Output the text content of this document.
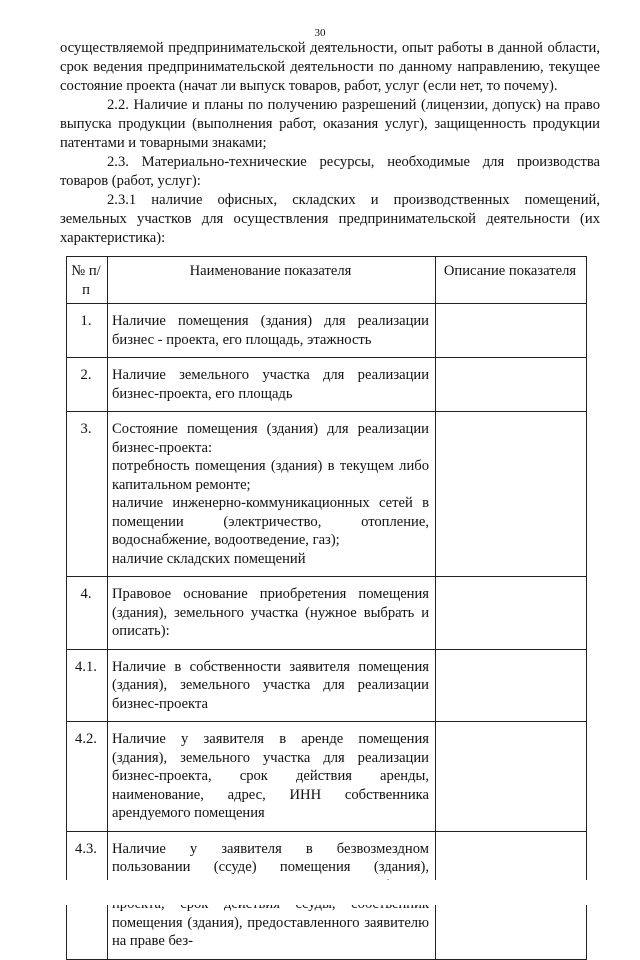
30

осуществляемой предпринимательской деятельности, опыт работы в данной области, срок ведения предпринимательской деятельности по данному направлению, текущее состояние проекта (начат ли выпуск товаров, работ, услуг (если нет, то почему).

2.2. Наличие и планы по получению разрешений (лицензии, допуск) на право выпуска продукции (выполнения работ, оказания услуг), защищенность продукции патентами и товарными знаками;

2.3. Материально-технические ресурсы, необходимые для производства товаров (работ, услуг):

2.3.1 наличие офисных, складских и производственных помещений, земельных участков для осуществления предпринимательской деятельности (их характеристика):

№ п/п	Наименование показателя	Описание показателя
1.	Наличие помещения (здания) для реализации бизнес - проекта, его площадь, этажность	
2.	Наличие земельного участка для реализации бизнес-проекта, его площадь	
3.	Состояние помещения (здания) для реализации бизнес-проекта:
потребность помещения (здания) в текущем либо капитальном ремонте;
наличие инженерно-коммуникационных сетей в помещении (электричество, отопление, водоснабжение, водоотведение, газ);
наличие складских помещений	
4.	Правовое основание приобретения помещения (здания), земельного участка (нужное выбрать и описать):	
4.1.	Наличие в собственности заявителя помещения (здания), земельного участка для реализации бизнес-проекта	
4.2.	Наличие у заявителя в аренде помещения (здания), земельного участка для реализации бизнес-проекта, срок действия аренды, наименование, адрес, ИНН собственника арендуемого помещения	
4.3.	Наличие у заявителя в безвозмездном пользовании (ссуде) помещения (здания), помещения (здания), предоставленного заявителю на праве без-	
